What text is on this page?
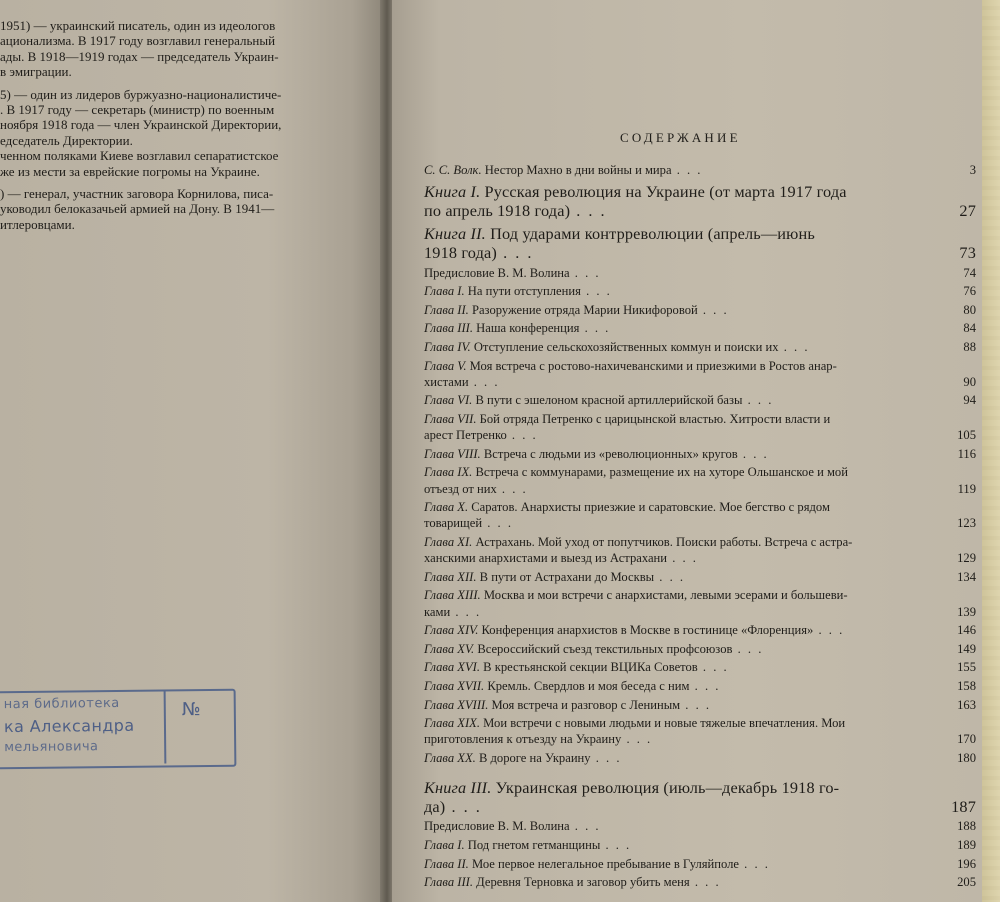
1951) — украинский писатель, один из идеологов
ационализма. В 1917 году возглавил генеральный
ады. В 1918—1919 годах — председатель Украин-
в эмиграции.
5) — один из лидеров буржуазно-националистиче-
. В 1917 году — секретарь (министр) по военным
ноября 1918 года — член Украинской Директории,
едседатель Директории.
ченном поляками Киеве возглавил сепаратистское
же из мести за еврейские погромы на Украине.
) — генерал, участник заговора Корнилова, писа-
уководил белоказачьей армией на Дону. В 1941—
итлеровцами.
ная библиотека
ка Александра
мельяновича
№
СОДЕРЖАНИЕ
С. С. Волк. Нестор Махно в дни войны и мира . . .	3
Книга I. Русская революция на Украине (от марта 1917 года
по апрель 1918 года) . . .	27
Книга II. Под ударами контрреволюции (апрель—июнь
1918 года) . . .	73
Предисловие В. М. Волина . . .	74
Глава I. На пути отступления . . .	76
Глава II. Разоружение отряда Марии Никифоровой . . .	80
Глава III. Наша конференция . . .	84
Глава IV. Отступление сельскохозяйственных коммун и поиски их . . .	88
Глава V. Моя встреча с ростово-нахичеванскими и приезжими в Ростов анар-
хистами . . .	90
Глава VI. В пути с эшелоном красной артиллерийской базы . . .	94
Глава VII. Бой отряда Петренко с царицынской властью. Хитрости власти и
арест Петренко . . .	105
Глава VIII. Встреча с людьми из «революционных» кругов . . .	116
Глава IX. Встреча с коммунарами, размещение их на хуторе Ольшанское и мой
отъезд от них . . .	119
Глава X. Саратов. Анархисты приезжие и саратовские. Мое бегство с рядом
товарищей . . .	123
Глава XI. Астрахань. Мой уход от попутчиков. Поиски работы. Встреча с астра-
ханскими анархистами и выезд из Астрахани . . .	129
Глава XII. В пути от Астрахани до Москвы . . .	134
Глава XIII. Москва и мои встречи с анархистами, левыми эсерами и большеви-
ками . . .	139
Глава XIV. Конференция анархистов в Москве в гостинице «Флоренция» . . .	146
Глава XV. Всероссийский съезд текстильных профсоюзов . . .	149
Глава XVI. В крестьянской секции ВЦИКа Советов . . .	155
Глава XVII. Кремль. Свердлов и моя беседа с ним . . .	158
Глава XVIII. Моя встреча и разговор с Лениным . . .	163
Глава XIX. Мои встречи с новыми людьми и новые тяжелые впечатления. Мои
приготовления к отъезду на Украину . . .	170
Глава XX. В дороге на Украину . . .	180
Книга III. Украинская революция (июль—декабрь 1918 го-
да) . . .	187
Предисловие В. М. Волина . . .	188
Глава I. Под гнетом гетманщины . . .	189
Глава II. Мое первое нелегальное пребывание в Гуляйполе . . .	196
Глава III. Деревня Терновка и заговор убить меня . . .	205
